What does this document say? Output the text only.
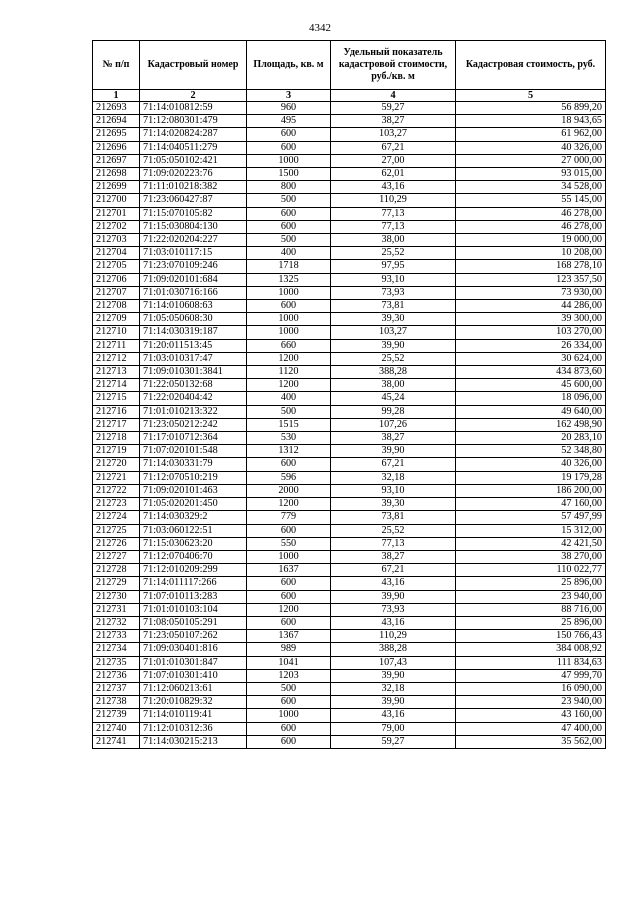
4342
№ п/п	Кадастровый номер	Площадь, кв. м	Удельный показатель кадастровой стоимости, руб./кв. м	Кадастровая стоимость, руб.
1	2	3	4	5
212693	71:14:010812:59	960	59,27	56 899,20
212694	71:12:080301:479	495	38,27	18 943,65
212695	71:14:020824:287	600	103,27	61 962,00
212696	71:14:040511:279	600	67,21	40 326,00
212697	71:05:050102:421	1000	27,00	27 000,00
212698	71:09:020223:76	1500	62,01	93 015,00
212699	71:11:010218:382	800	43,16	34 528,00
212700	71:23:060427:87	500	110,29	55 145,00
212701	71:15:070105:82	600	77,13	46 278,00
212702	71:15:030804:130	600	77,13	46 278,00
212703	71:22:020204:227	500	38,00	19 000,00
212704	71:03:010117:15	400	25,52	10 208,00
212705	71:23:070109:246	1718	97,95	168 278,10
212706	71:09:020101:684	1325	93,10	123 357,50
212707	71:01:030716:166	1000	73,93	73 930,00
212708	71:14:010608:63	600	73,81	44 286,00
212709	71:05:050608:30	1000	39,30	39 300,00
212710	71:14:030319:187	1000	103,27	103 270,00
212711	71:20:011513:45	660	39,90	26 334,00
212712	71:03:010317:47	1200	25,52	30 624,00
212713	71:09:010301:3841	1120	388,28	434 873,60
212714	71:22:050132:68	1200	38,00	45 600,00
212715	71:22:020404:42	400	45,24	18 096,00
212716	71:01:010213:322	500	99,28	49 640,00
212717	71:23:050212:242	1515	107,26	162 498,90
212718	71:17:010712:364	530	38,27	20 283,10
212719	71:07:020101:548	1312	39,90	52 348,80
212720	71:14:030331:79	600	67,21	40 326,00
212721	71:12:070510:219	596	32,18	19 179,28
212722	71:09:020101:463	2000	93,10	186 200,00
212723	71:05:020201:450	1200	39,30	47 160,00
212724	71:14:030329:2	779	73,81	57 497,99
212725	71:03:060122:51	600	25,52	15 312,00
212726	71:15:030623:20	550	77,13	42 421,50
212727	71:12:070406:70	1000	38,27	38 270,00
212728	71:12:010209:299	1637	67,21	110 022,77
212729	71:14:011117:266	600	43,16	25 896,00
212730	71:07:010113:283	600	39,90	23 940,00
212731	71:01:010103:104	1200	73,93	88 716,00
212732	71:08:050105:291	600	43,16	25 896,00
212733	71:23:050107:262	1367	110,29	150 766,43
212734	71:09:030401:816	989	388,28	384 008,92
212735	71:01:010301:847	1041	107,43	111 834,63
212736	71:07:010301:410	1203	39,90	47 999,70
212737	71:12:060213:61	500	32,18	16 090,00
212738	71:20:010829:32	600	39,90	23 940,00
212739	71:14:010119:41	1000	43,16	43 160,00
212740	71:12:010312:36	600	79,00	47 400,00
212741	71:14:030215:213	600	59,27	35 562,00
